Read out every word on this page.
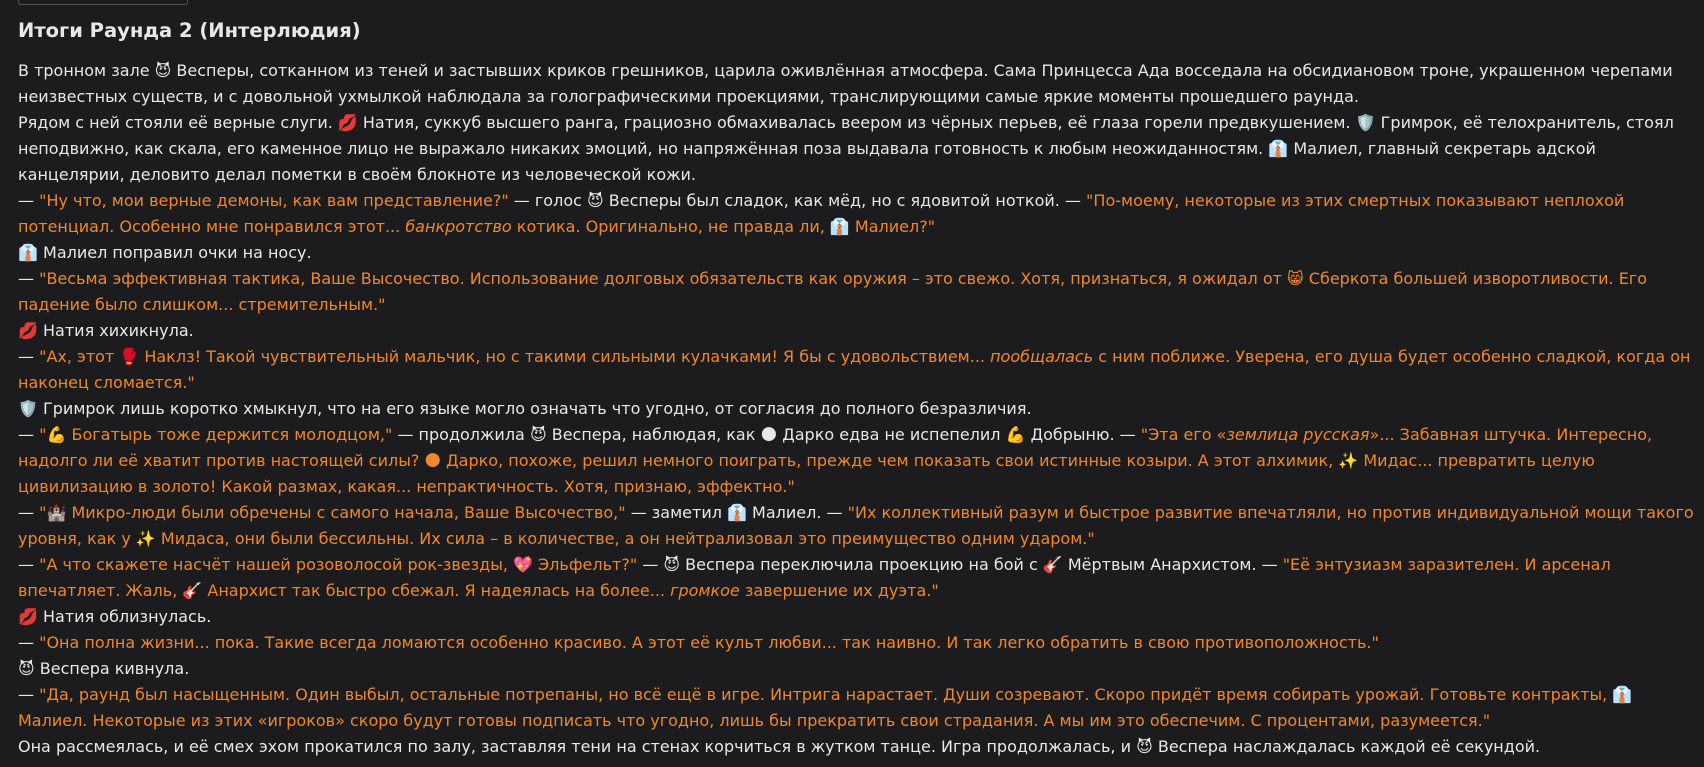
Итоги Раунда 2 (Интерлюдия)
В тронном зале 😈 Весперы, сотканном из теней и застывших криков грешников, царила оживлённая атмосфера. Сама Принцесса Ада восседала на обсидиановом троне, украшенном черепами неизвестных существ, и с довольной ухмылкой наблюдала за голографическими проекциями, транслирующими самые яркие моменты прошедшего раунда.
Рядом с ней стояли её верные слуги. 💋 Натия, суккуб высшего ранга, грациозно обмахивалась веером из чёрных перьев, её глаза горели предвкушением. 🛡️ Гримрок, её телохранитель, стоял неподвижно, как скала, его каменное лицо не выражало никаких эмоций, но напряжённая поза выдавала готовность к любым неожиданностям. 👔 Малиел, главный секретарь адской канцелярии, деловито делал пометки в своём блокноте из человеческой кожи.
— "Ну что, мои верные демоны, как вам представление?" — голос 😈 Весперы был сладок, как мёд, но с ядовитой ноткой. — "По-моему, некоторые из этих смертных показывают неплохой потенциал. Особенно мне понравился этот... банкротство котика. Оригинально, не правда ли, 👔 Малиел?"
👔 Малиел поправил очки на носу.
— "Весьма эффективная тактика, Ваше Высочество. Использование долговых обязательств как оружия – это свежо. Хотя, признаться, я ожидал от 😸 Сберкота большей изворотливости. Его падение было слишком... стремительным."
💋 Натия хихикнула.
— "Ах, этот 🥊 Наклз! Такой чувствительный мальчик, но с такими сильными кулачками! Я бы с удовольствием... пообщалась с ним поближе. Уверена, его душа будет особенно сладкой, когда он наконец сломается."
🛡️ Гримрок лишь коротко хмыкнул, что на его языке могло означать что угодно, от согласия до полного безразличия.
— "💪 Богатырь тоже держится молодцом," — продолжила 😈 Веспера, наблюдая, как 🌑 Дарко едва не испепелил 💪 Добрыню. — "Эта его «землица русская»... Забавная штучка. Интересно, надолго ли её хватит против настоящей силы? 🌑 Дарко, похоже, решил немного поиграть, прежде чем показать свои истинные козыри. А этот алхимик, ✨ Мидас... превратить целую цивилизацию в золото! Какой размах, какая... непрактичность. Хотя, признаю, эффектно."
— "🏰 Микро-люди были обречены с самого начала, Ваше Высочество," — заметил 👔 Малиел. — "Их коллективный разум и быстрое развитие впечатляли, но против индивидуальной мощи такого уровня, как у ✨ Мидаса, они были бессильны. Их сила – в количестве, а он нейтрализовал это преимущество одним ударом."
— "А что скажете насчёт нашей розоволосой рок-звезды, 💖 Эльфельт?" — 😈 Веспера переключила проекцию на бой с 🎸 Мёртвым Анархистом. — "Её энтузиазм заразителен. И арсенал впечатляет. Жаль, 🎸 Анархист так быстро сбежал. Я надеялась на более... громкое завершение их дуэта."
💋 Натия облизнулась.
— "Она полна жизни... пока. Такие всегда ломаются особенно красиво. А этот её культ любви... так наивно. И так легко обратить в свою противоположность."
😈 Веспера кивнула.
— "Да, раунд был насыщенным. Один выбыл, остальные потрепаны, но всё ещё в игре. Интрига нарастает. Души созревают. Скоро придёт время собирать урожай. Готовьте контракты, 👔 Малиел. Некоторые из этих «игроков» скоро будут готовы подписать что угодно, лишь бы прекратить свои страдания. А мы им это обеспечим. С процентами, разумеется."
Она рассмеялась, и её смех эхом прокатился по залу, заставляя тени на стенах корчиться в жутком танце. Игра продолжалась, и 😈 Веспера наслаждалась каждой её секундой.
